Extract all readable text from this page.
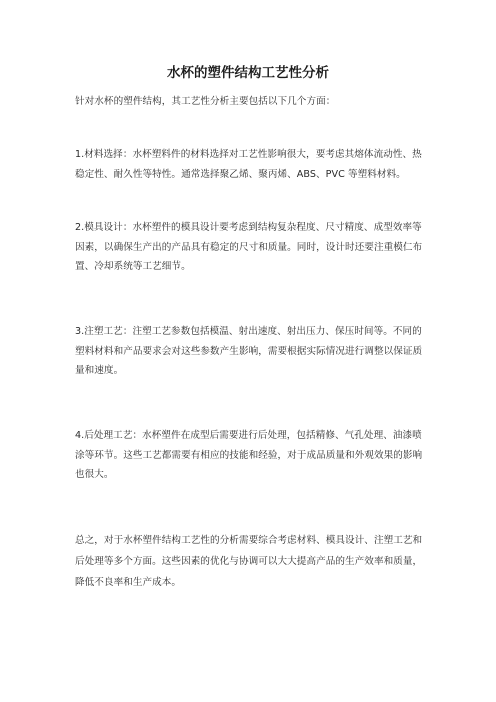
水杯的塑件结构工艺性分析

针对水杯的塑件结构，其工艺性分析主要包括以下几个方面：

1.材料选择：水杯塑料件的材料选择对工艺性影响很大，要考虑其熔体流动性、热稳定性、耐久性等特性。通常选择聚乙烯、聚丙烯、ABS、PVC 等塑料材料。

2.模具设计：水杯塑件的模具设计要考虑到结构复杂程度、尺寸精度、成型效率等因素，以确保生产出的产品具有稳定的尺寸和质量。同时，设计时还要注重模仁布置、冷却系统等工艺细节。

3.注塑工艺：注塑工艺参数包括模温、射出速度、射出压力、保压时间等。不同的塑料材料和产品要求会对这些参数产生影响，需要根据实际情况进行调整以保证质量和速度。

4.后处理工艺：水杯塑件在成型后需要进行后处理，包括精修、气孔处理、油漆喷涂等环节。这些工艺都需要有相应的技能和经验，对于成品质量和外观效果的影响也很大。

总之，对于水杯塑件结构工艺性的分析需要综合考虑材料、模具设计、注塑工艺和后处理等多个方面。这些因素的优化与协调可以大大提高产品的生产效率和质量，降低不良率和生产成本。
